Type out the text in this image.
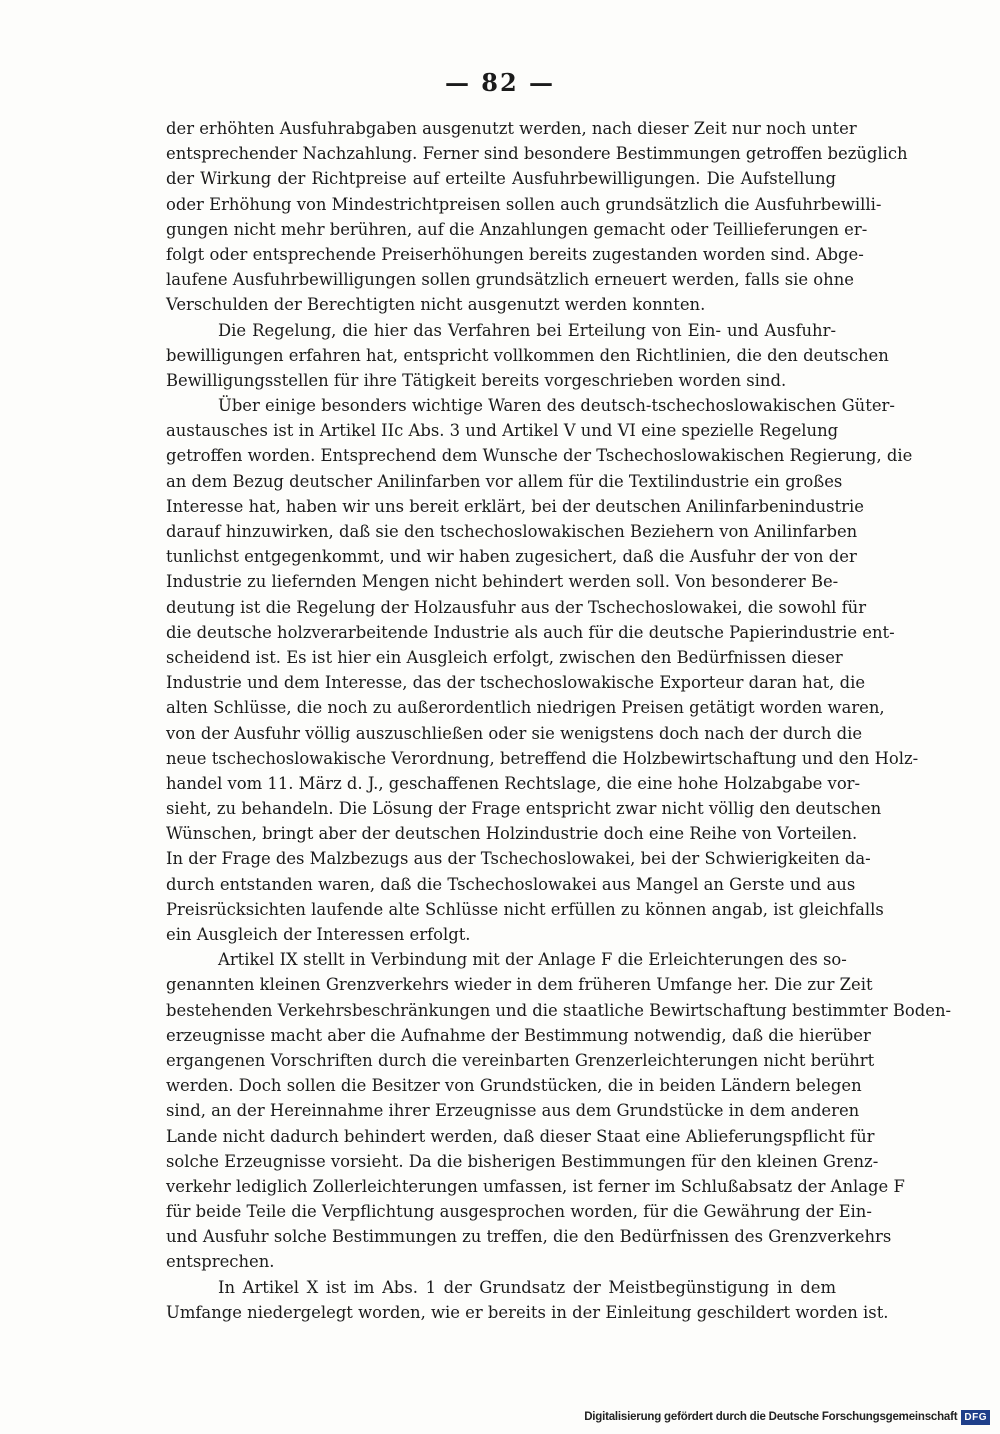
— 82 —
der erhöhten Ausfuhrabgaben ausgenutzt werden, nach dieser Zeit nur noch unter
entsprechender Nachzahlung. Ferner sind besondere Bestimmungen getroffen bezüglich
der Wirkung der Richtpreise auf erteilte Ausfuhrbewilligungen. Die Aufstellung
oder Erhöhung von Mindestrichtpreisen sollen auch grundsätzlich die Ausfuhrbewilli-
gungen nicht mehr berühren, auf die Anzahlungen gemacht oder Teillieferungen er-
folgt oder entsprechende Preiserhöhungen bereits zugestanden worden sind. Abge-
laufene Ausfuhrbewilligungen sollen grundsätzlich erneuert werden, falls sie ohne
Verschulden der Berechtigten nicht ausgenutzt werden konnten.
Die Regelung, die hier das Verfahren bei Erteilung von Ein- und Ausfuhr-
bewilligungen erfahren hat, entspricht vollkommen den Richtlinien, die den deutschen
Bewilligungsstellen für ihre Tätigkeit bereits vorgeschrieben worden sind.
Über einige besonders wichtige Waren des deutsch-tschechoslowakischen Güter-
austausches ist in Artikel IIc Abs. 3 und Artikel V und VI eine spezielle Regelung
getroffen worden. Entsprechend dem Wunsche der Tschechoslowakischen Regierung, die
an dem Bezug deutscher Anilinfarben vor allem für die Textilindustrie ein großes
Interesse hat, haben wir uns bereit erklärt, bei der deutschen Anilinfarbenindustrie
darauf hinzuwirken, daß sie den tschechoslowakischen Beziehern von Anilinfarben
tunlichst entgegenkommt, und wir haben zugesichert, daß die Ausfuhr der von der
Industrie zu liefernden Mengen nicht behindert werden soll. Von besonderer Be-
deutung ist die Regelung der Holzausfuhr aus der Tschechoslowakei, die sowohl für
die deutsche holzverarbeitende Industrie als auch für die deutsche Papierindustrie ent-
scheidend ist. Es ist hier ein Ausgleich erfolgt, zwischen den Bedürfnissen dieser
Industrie und dem Interesse, das der tschechoslowakische Exporteur daran hat, die
alten Schlüsse, die noch zu außerordentlich niedrigen Preisen getätigt worden waren,
von der Ausfuhr völlig auszuschließen oder sie wenigstens doch nach der durch die
neue tschechoslowakische Verordnung, betreffend die Holzbewirtschaftung und den Holz-
handel vom 11. März d. J., geschaffenen Rechtslage, die eine hohe Holzabgabe vor-
sieht, zu behandeln. Die Lösung der Frage entspricht zwar nicht völlig den deutschen
Wünschen, bringt aber der deutschen Holzindustrie doch eine Reihe von Vorteilen.
In der Frage des Malzbezugs aus der Tschechoslowakei, bei der Schwierigkeiten da-
durch entstanden waren, daß die Tschechoslowakei aus Mangel an Gerste und aus
Preisrücksichten laufende alte Schlüsse nicht erfüllen zu können angab, ist gleichfalls
ein Ausgleich der Interessen erfolgt.
Artikel IX stellt in Verbindung mit der Anlage F die Erleichterungen des so-
genannten kleinen Grenzverkehrs wieder in dem früheren Umfange her. Die zur Zeit
bestehenden Verkehrsbeschränkungen und die staatliche Bewirtschaftung bestimmter Boden-
erzeugnisse macht aber die Aufnahme der Bestimmung notwendig, daß die hierüber
ergangenen Vorschriften durch die vereinbarten Grenzerleichterungen nicht berührt
werden. Doch sollen die Besitzer von Grundstücken, die in beiden Ländern belegen
sind, an der Hereinnahme ihrer Erzeugnisse aus dem Grundstücke in dem anderen
Lande nicht dadurch behindert werden, daß dieser Staat eine Ablieferungspflicht für
solche Erzeugnisse vorsieht. Da die bisherigen Bestimmungen für den kleinen Grenz-
verkehr lediglich Zollerleichterungen umfassen, ist ferner im Schlußabsatz der Anlage F
für beide Teile die Verpflichtung ausgesprochen worden, für die Gewährung der Ein-
und Ausfuhr solche Bestimmungen zu treffen, die den Bedürfnissen des Grenzverkehrs
entsprechen.
In Artikel X ist im Abs. 1 der Grundsatz der Meistbegünstigung in dem
Umfange niedergelegt worden, wie er bereits in der Einleitung geschildert worden ist.
Digitalisierung gefördert durch die Deutsche Forschungsgemeinschaft DFG
